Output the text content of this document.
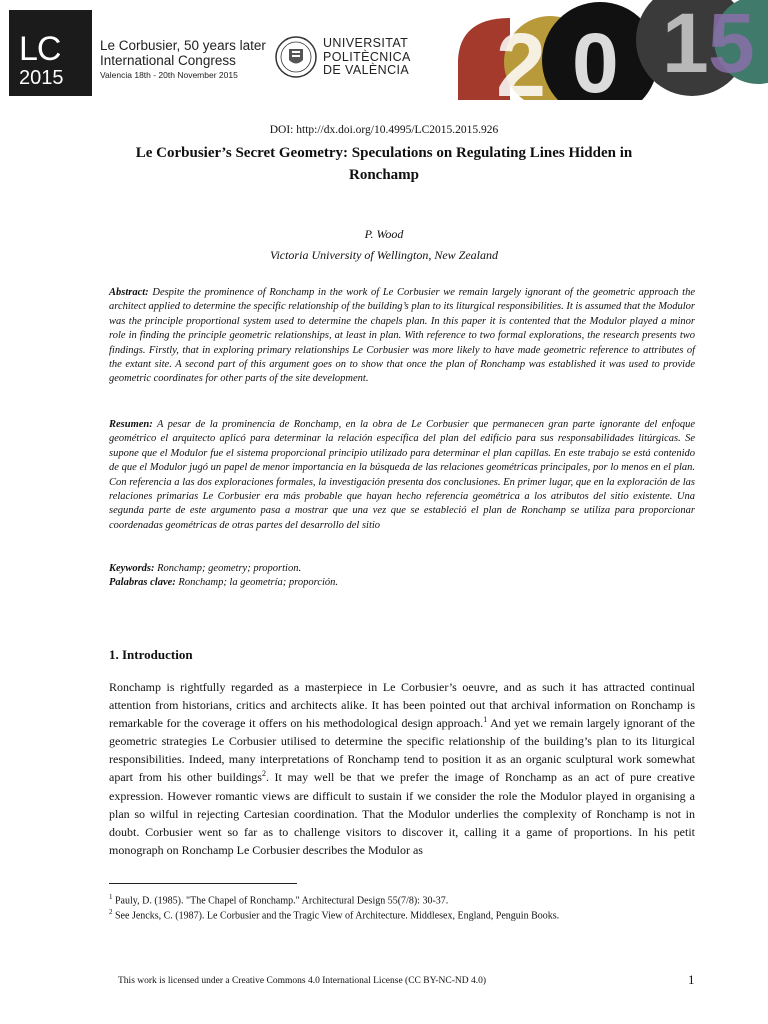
LC
2015
Le Corbusier, 50 years later
International Congress
Valencia 18th - 20th November 2015
UNIVERSITAT
POLITÈCNICA
DE VALÈNCIA 2 0 1 5
DOI: http://dx.doi.org/10.4995/LC2015.2015.926
Le Corbusier’s Secret Geometry: Speculations on Regulating Lines Hidden in Ronchamp
P. Wood
Victoria University of Wellington, New Zealand
Abstract: Despite the prominence of Ronchamp in the work of Le Corbusier we remain largely ignorant of the geometric approach the architect applied to determine the specific relationship of the building’s plan to its liturgical responsibilities. It is assumed that the Modulor was the principle proportional system used to determine the chapels plan. In this paper it is contented that the Modulor played a minor role in finding the principle geometric relationships, at least in plan. With reference to two formal explorations, the research presents two findings. Firstly, that in exploring primary relationships Le Corbusier was more likely to have made geometric reference to attributes of the extant site. A second part of this argument goes on to show that once the plan of Ronchamp was established it was used to provide geometric coordinates for other parts of the site development.
Resumen: A pesar de la prominencia de Ronchamp, en la obra de Le Corbusier que permanecen gran parte ignorante del enfoque geométrico el arquitecto aplicó para determinar la relación específica del plan del edificio para sus responsabilidades litúrgicas. Se supone que el Modulor fue el sistema proporcional principio utilizado para determinar el plan capillas. En este trabajo se está contenido de que el Modulor jugó un papel de menor importancia en la búsqueda de las relaciones geométricas principales, por lo menos en el plan. Con referencia a las dos exploraciones formales, la investigación presenta dos conclusiones. En primer lugar, que en la exploración de las relaciones primarias Le Corbusier era más probable que hayan hecho referencia geométrica a los atributos del sitio existente. Una segunda parte de este argumento pasa a mostrar que una vez que se estableció el plan de Ronchamp se utiliza para proporcionar coordenadas geométricas de otras partes del desarrollo del sitio
Keywords: Ronchamp; geometry; proportion.
Palabras clave: Ronchamp; la geometría; proporción.
1. Introduction
Ronchamp is rightfully regarded as a masterpiece in Le Corbusier’s oeuvre, and as such it has attracted continual attention from historians, critics and architects alike. It has been pointed out that archival information on Ronchamp is remarkable for the coverage it offers on his methodological design approach.$^1$ And yet we remain largely ignorant of the geometric strategies Le Corbusier utilised to determine the specific relationship of the building’s plan to its liturgical responsibilities. Indeed, many interpretations of Ronchamp tend to position it as an organic sculptural work somewhat apart from his other buildings$^2$. It may well be that we prefer the image of Ronchamp as an act of pure creative expression. However romantic views are difficult to sustain if we consider the role the Modulor played in organising a plan so wilful in rejecting Cartesian coordination. That the Modulor underlies the complexity of Ronchamp is not in doubt. Corbusier went so far as to challenge visitors to discover it, calling it a game of proportions. In his petit monograph on Ronchamp Le Corbusier describes the Modulor as
$^1$ Pauly, D. (1985). "The Chapel of Ronchamp." Architectural Design 55(7/8): 30-37.
$^2$ See Jencks, C. (1987). Le Corbusier and the Tragic View of Architecture. Middlesex, England, Penguin Books.
This work is licensed under a Creative Commons 4.0 International License (CC BY-NC-ND 4.0)	1
